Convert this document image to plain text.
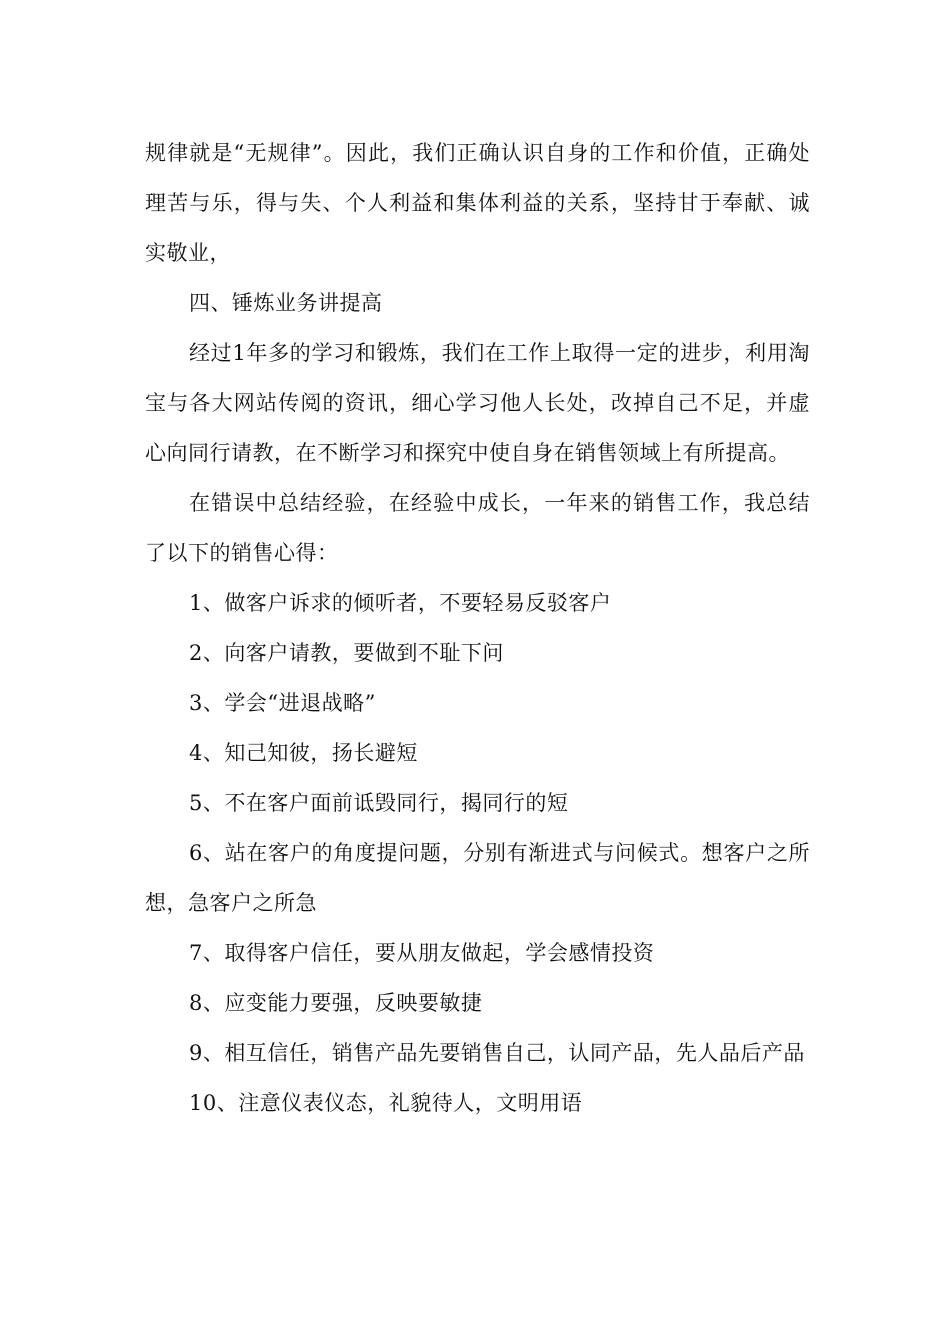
规律就是“无规律”。因此，我们正确认识自身的工作和价值，正确处理苦与乐，得与失、个人利益和集体利益的关系，坚持甘于奉献、诚实敬业，

四、锤炼业务讲提高

经过1年多的学习和锻炼，我们在工作上取得一定的进步，利用淘宝与各大网站传阅的资讯，细心学习他人长处，改掉自己不足，并虚心向同行请教，在不断学习和探究中使自身在销售领域上有所提高。

在错误中总结经验，在经验中成长，一年来的销售工作，我总结了以下的销售心得：

1、做客户诉求的倾听者，不要轻易反驳客户

2、向客户请教，要做到不耻下问

3、学会“进退战略”

4、知己知彼，扬长避短

5、不在客户面前诋毁同行，揭同行的短

6、站在客户的角度提问题，分别有渐进式与问候式。想客户之所想，急客户之所急

7、取得客户信任，要从朋友做起，学会感情投资

8、应变能力要强，反映要敏捷

9、相互信任，销售产品先要销售自己，认同产品，先人品后产品

10、注意仪表仪态，礼貌待人，文明用语
